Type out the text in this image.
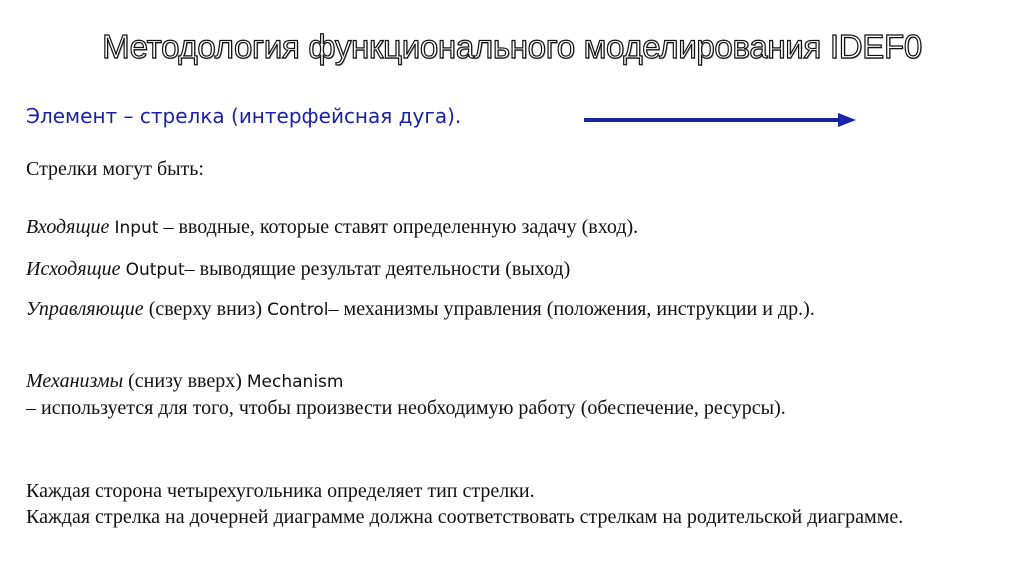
Методология функционального моделирования IDEF0
Элемент – стрелка (интерфейсная дуга).
Стрелки могут быть:
Входящие Input – вводные, которые ставят определенную задачу (вход).
Исходящие Output– выводящие результат деятельности (выход)
Управляющие (сверху вниз) Control– механизмы управления (положения, инструкции и др.).
Механизмы (снизу вверх) Mechanism
– используется для того, чтобы произвести необходимую работу (обеспечение, ресурсы).
Каждая сторона четырехугольника определяет тип стрелки.
Каждая стрелка на дочерней диаграмме должна соответствовать стрелкам на родительской диаграмме.
